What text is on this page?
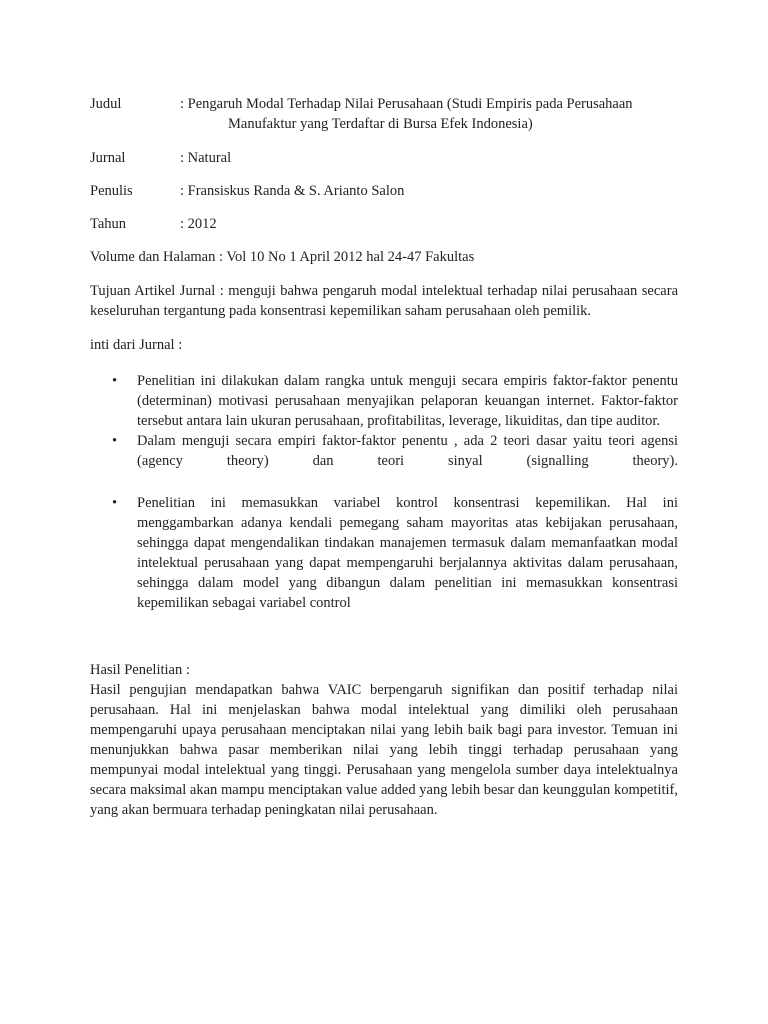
Judul	: Pengaruh Modal Terhadap Nilai Perusahaan (Studi Empiris pada Perusahaan
Manufaktur yang Terdaftar di Bursa Efek Indonesia)
Jurnal	: Natural
Penulis	: Fransiskus Randa & S. Arianto Salon
Tahun	: 2012
Volume dan Halaman : Vol 10 No 1 April 2012 hal 24-47 Fakultas
Tujuan Artikel Jurnal : menguji bahwa pengaruh modal intelektual terhadap nilai perusahaan secara keseluruhan tergantung pada konsentrasi kepemilikan saham perusahaan oleh pemilik.
inti dari Jurnal :
• Penelitian ini dilakukan dalam rangka untuk menguji secara empiris faktor-faktor penentu (determinan) motivasi perusahaan menyajikan pelaporan keuangan internet. Faktor-faktor tersebut antara lain ukuran perusahaan, profitabilitas, leverage, likuiditas, dan tipe auditor.
• Dalam menguji secara empiri faktor-faktor penentu , ada 2 teori dasar yaitu teori agensi (agency theory) dan teori sinyal (signalling theory).
• Penelitian ini memasukkan variabel kontrol konsentrasi kepemilikan. Hal ini menggambarkan adanya kendali pemegang saham mayoritas atas kebijakan perusahaan, sehingga dapat mengendalikan tindakan manajemen termasuk dalam memanfaatkan modal intelektual perusahaan yang dapat mempengaruhi berjalannya aktivitas dalam perusahaan, sehingga dalam model yang dibangun dalam penelitian ini memasukkan konsentrasi kepemilikan sebagai variabel control
Hasil Penelitian :
Hasil pengujian mendapatkan bahwa VAIC berpengaruh signifikan dan positif terhadap nilai perusahaan. Hal ini menjelaskan bahwa modal intelektual yang dimiliki oleh perusahaan mempengaruhi upaya perusahaan menciptakan nilai yang lebih baik bagi para investor. Temuan ini menunjukkan bahwa pasar memberikan nilai yang lebih tinggi terhadap perusahaan yang mempunyai modal intelektual yang tinggi. Perusahaan yang mengelola sumber daya intelektualnya secara maksimal akan mampu menciptakan value added yang lebih besar dan keunggulan kompetitif, yang akan bermuara terhadap peningkatan nilai perusahaan.
